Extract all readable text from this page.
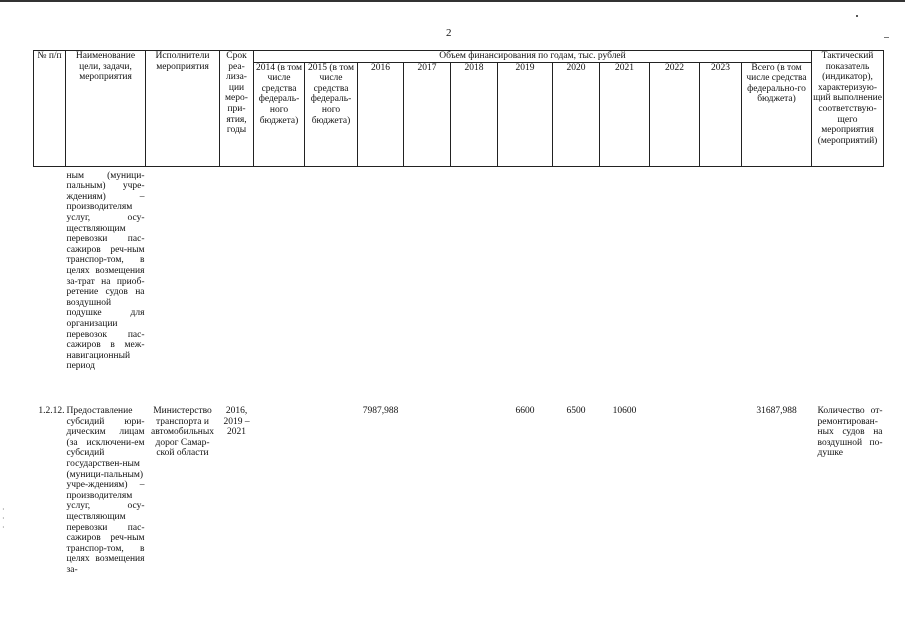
2
№ п/п	Наименование цели, задачи, мероприятия	Исполнители мероприятия	Срок реа-лиза-ции меро-при-ятия, годы	Объем финансирования по годам, тыс. рублей											Тактический показатель (индикатор), характеризую-щий выполнение соответствую-щего мероприятия (мероприятий)
				2014 (в том числе средства федераль-ного бюджета)	2015 (в том числе средства федераль-ного бюджета)	2016	2017	2018	2019	2020	2021	2022	2023	Всего (в том числе средства федерально-го бюджета)	
	ным (муници-пальным) учре-ждениям) – производителям услуг, осу-ществляющим перевозки пас-сажиров реч-ным транспор-том, в целях возмещения за-трат на приоб-ретение судов на воздушной подушке для организации перевозок пас-сажиров в меж-навигационный период														
1.2.12.	Предоставление субсидий юри-дическим лицам (за исключени-ем субсидий государствен-ным (муници-пальным) учре-ждениям) – производителям услуг, осу-ществляющим перевозки пас-сажиров реч-ным транспор-том, в целях возмещения за-	Министерство транспорта и автомобильных дорог Самар-ской области	2016, 2019 – 2021			7987,988			6600	6500	10600			31687,988	Количество от-ремонтирован-ных судов на воздушной по-душке
·
·
·
